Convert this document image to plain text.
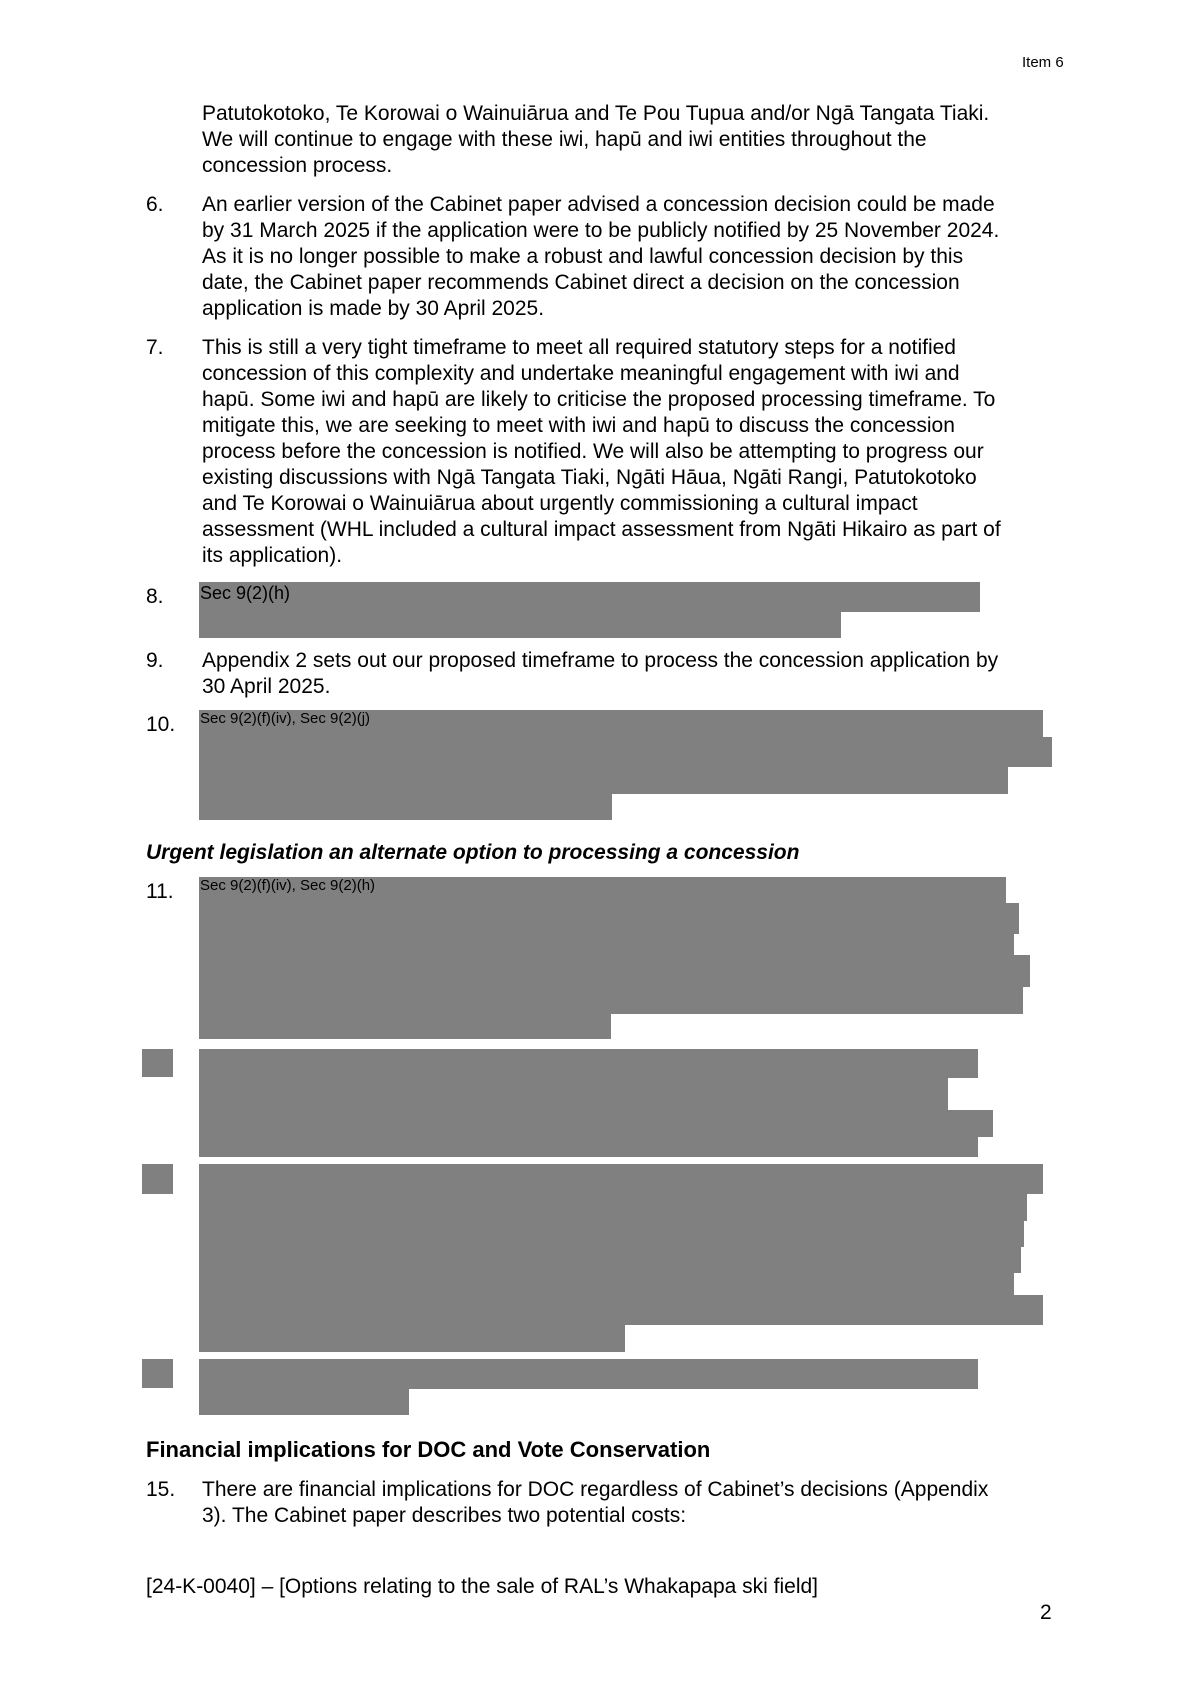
Item 6
Patutokotoko, Te Korowai o Wainuiārua and Te Pou Tupua and/or Ngā Tangata Tiaki.
We will continue to engage with these iwi, hapū and iwi entities throughout the
concession process.
6. An earlier version of the Cabinet paper advised a concession decision could be made
by 31 March 2025 if the application were to be publicly notified by 25 November 2024.
As it is no longer possible to make a robust and lawful concession decision by this
date, the Cabinet paper recommends Cabinet direct a decision on the concession
application is made by 30 April 2025.
7. This is still a very tight timeframe to meet all required statutory steps for a notified
concession of this complexity and undertake meaningful engagement with iwi and
hapū. Some iwi and hapū are likely to criticise the proposed processing timeframe. To
mitigate this, we are seeking to meet with iwi and hapū to discuss the concession
process before the concession is notified. We will also be attempting to progress our
existing discussions with Ngā Tangata Tiaki, Ngāti Hāua, Ngāti Rangi, Patutokotoko
and Te Korowai o Wainuiārua about urgently commissioning a cultural impact
assessment (WHL included a cultural impact assessment from Ngāti Hikairo as part of
its application).
8. Sec 9(2)(h)
9. Appendix 2 sets out our proposed timeframe to process the concession application by
30 April 2025.
10. Sec 9(2)(f)(iv), Sec 9(2)(j)
Urgent legislation an alternate option to processing a concession
11. Sec 9(2)(f)(iv), Sec 9(2)(h)
Financial implications for DOC and Vote Conservation
15. There are financial implications for DOC regardless of Cabinet’s decisions (Appendix
3). The Cabinet paper describes two potential costs:
[24-K-0040] – [Options relating to the sale of RAL’s Whakapapa ski field]
2
